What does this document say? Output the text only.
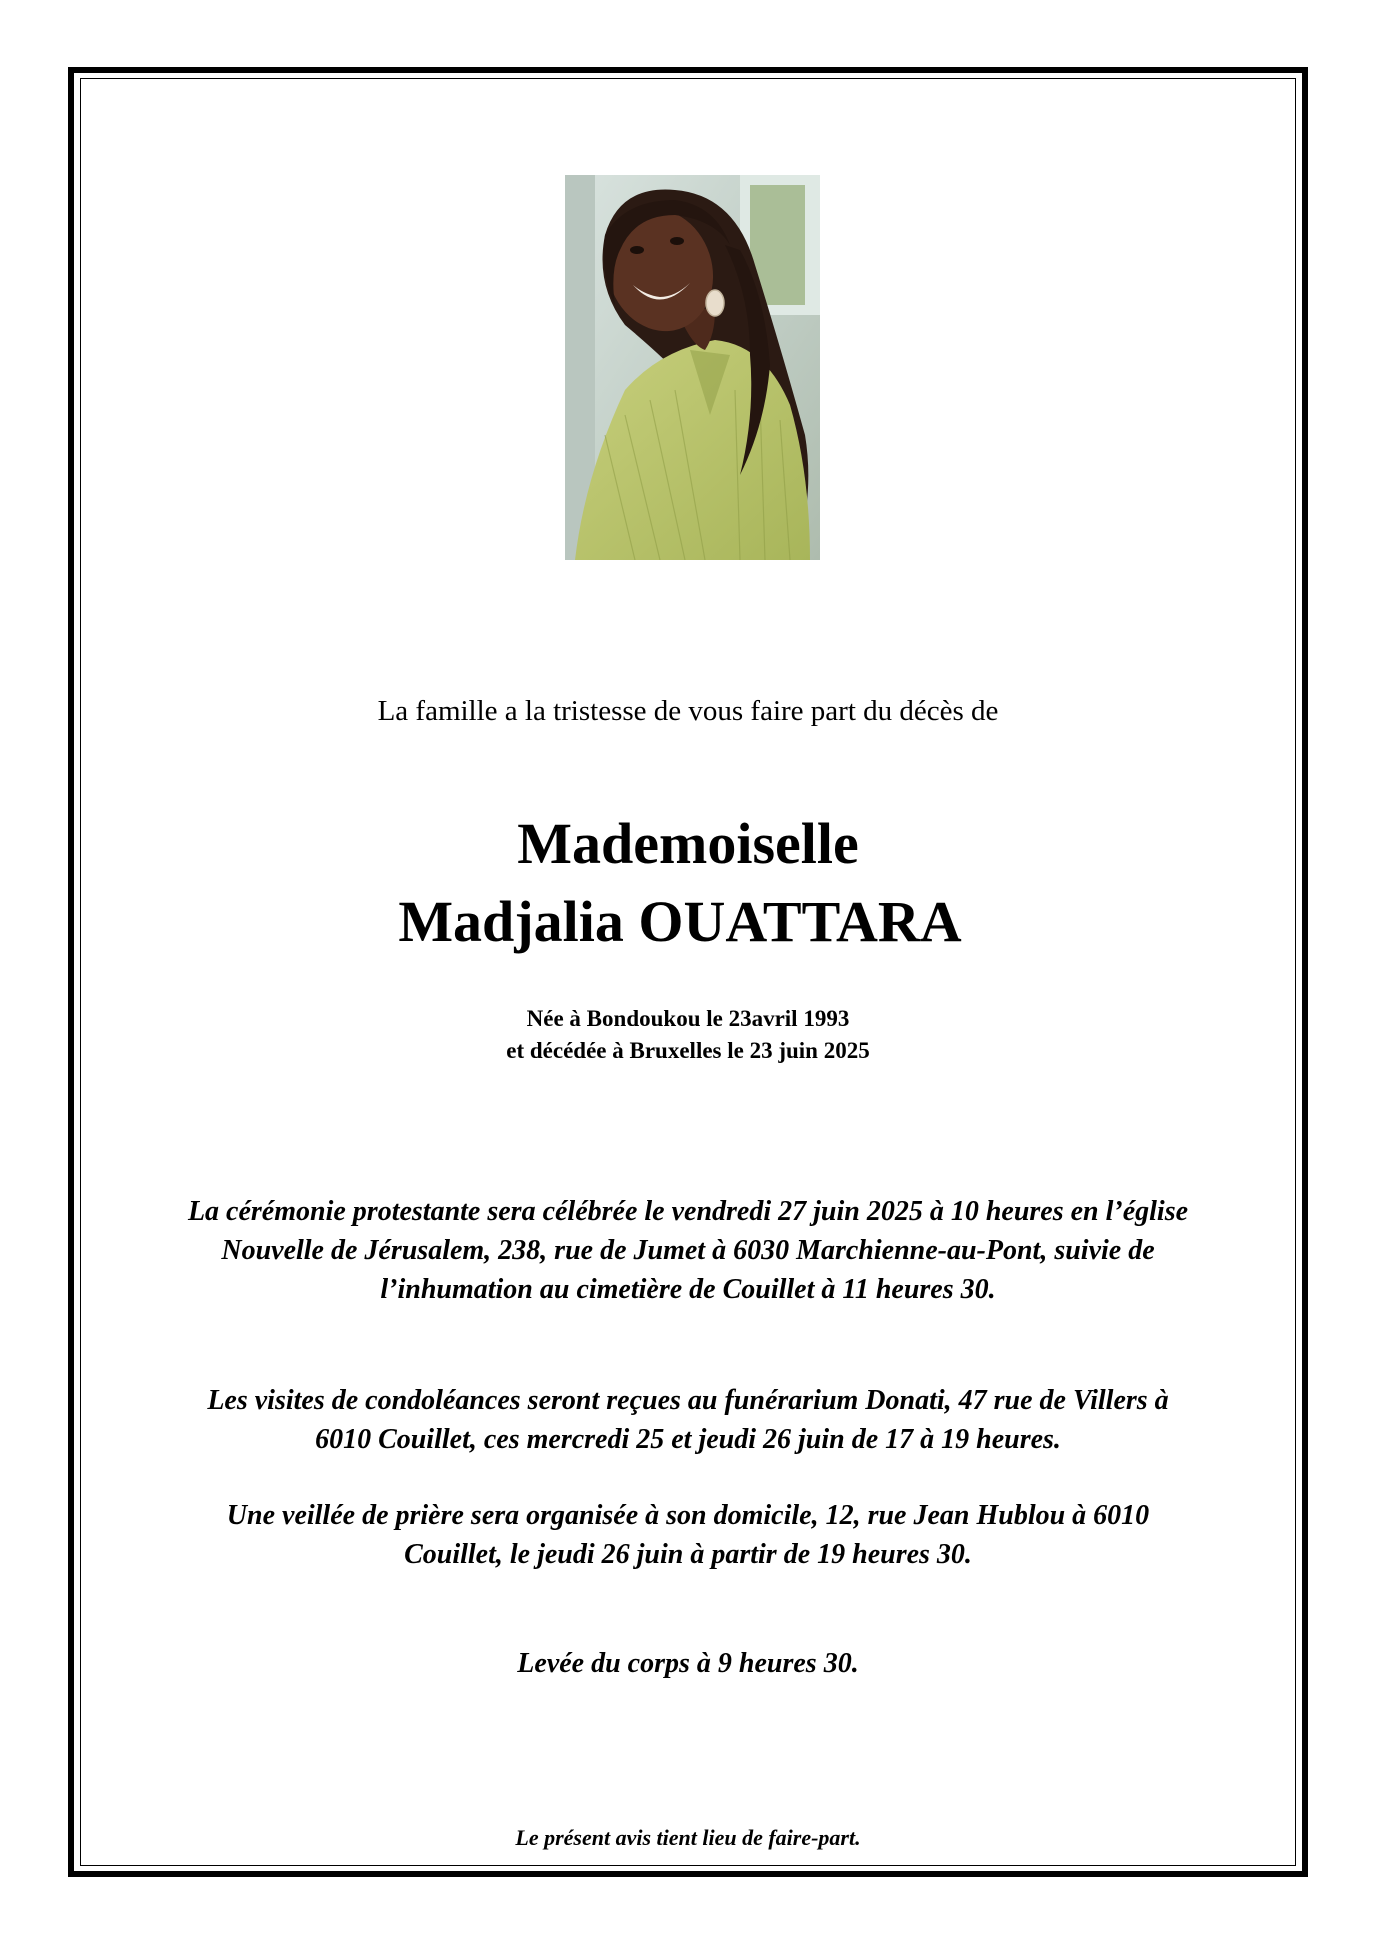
La famille a la tristesse de vous faire part du décès de
Mademoiselle
Madjalia OUATTARA
Née à Bondoukou le 23avril 1993
et décédée à Bruxelles le 23 juin 2025
La cérémonie protestante sera célébrée le vendredi 27 juin 2025 à 10 heures en l’église
Nouvelle de Jérusalem, 238, rue de Jumet à 6030 Marchienne-au-Pont, suivie de
l’inhumation au cimetière de Couillet à 11 heures 30.
Les visites de condoléances seront reçues au funérarium Donati, 47 rue de Villers à
6010 Couillet, ces mercredi 25 et jeudi 26 juin de 17 à 19 heures.
Une veillée de prière sera organisée à son domicile, 12, rue Jean Hublou à 6010
Couillet, le jeudi 26 juin à partir de 19 heures 30.
Levée du corps à 9 heures 30.
Le présent avis tient lieu de faire-part.
